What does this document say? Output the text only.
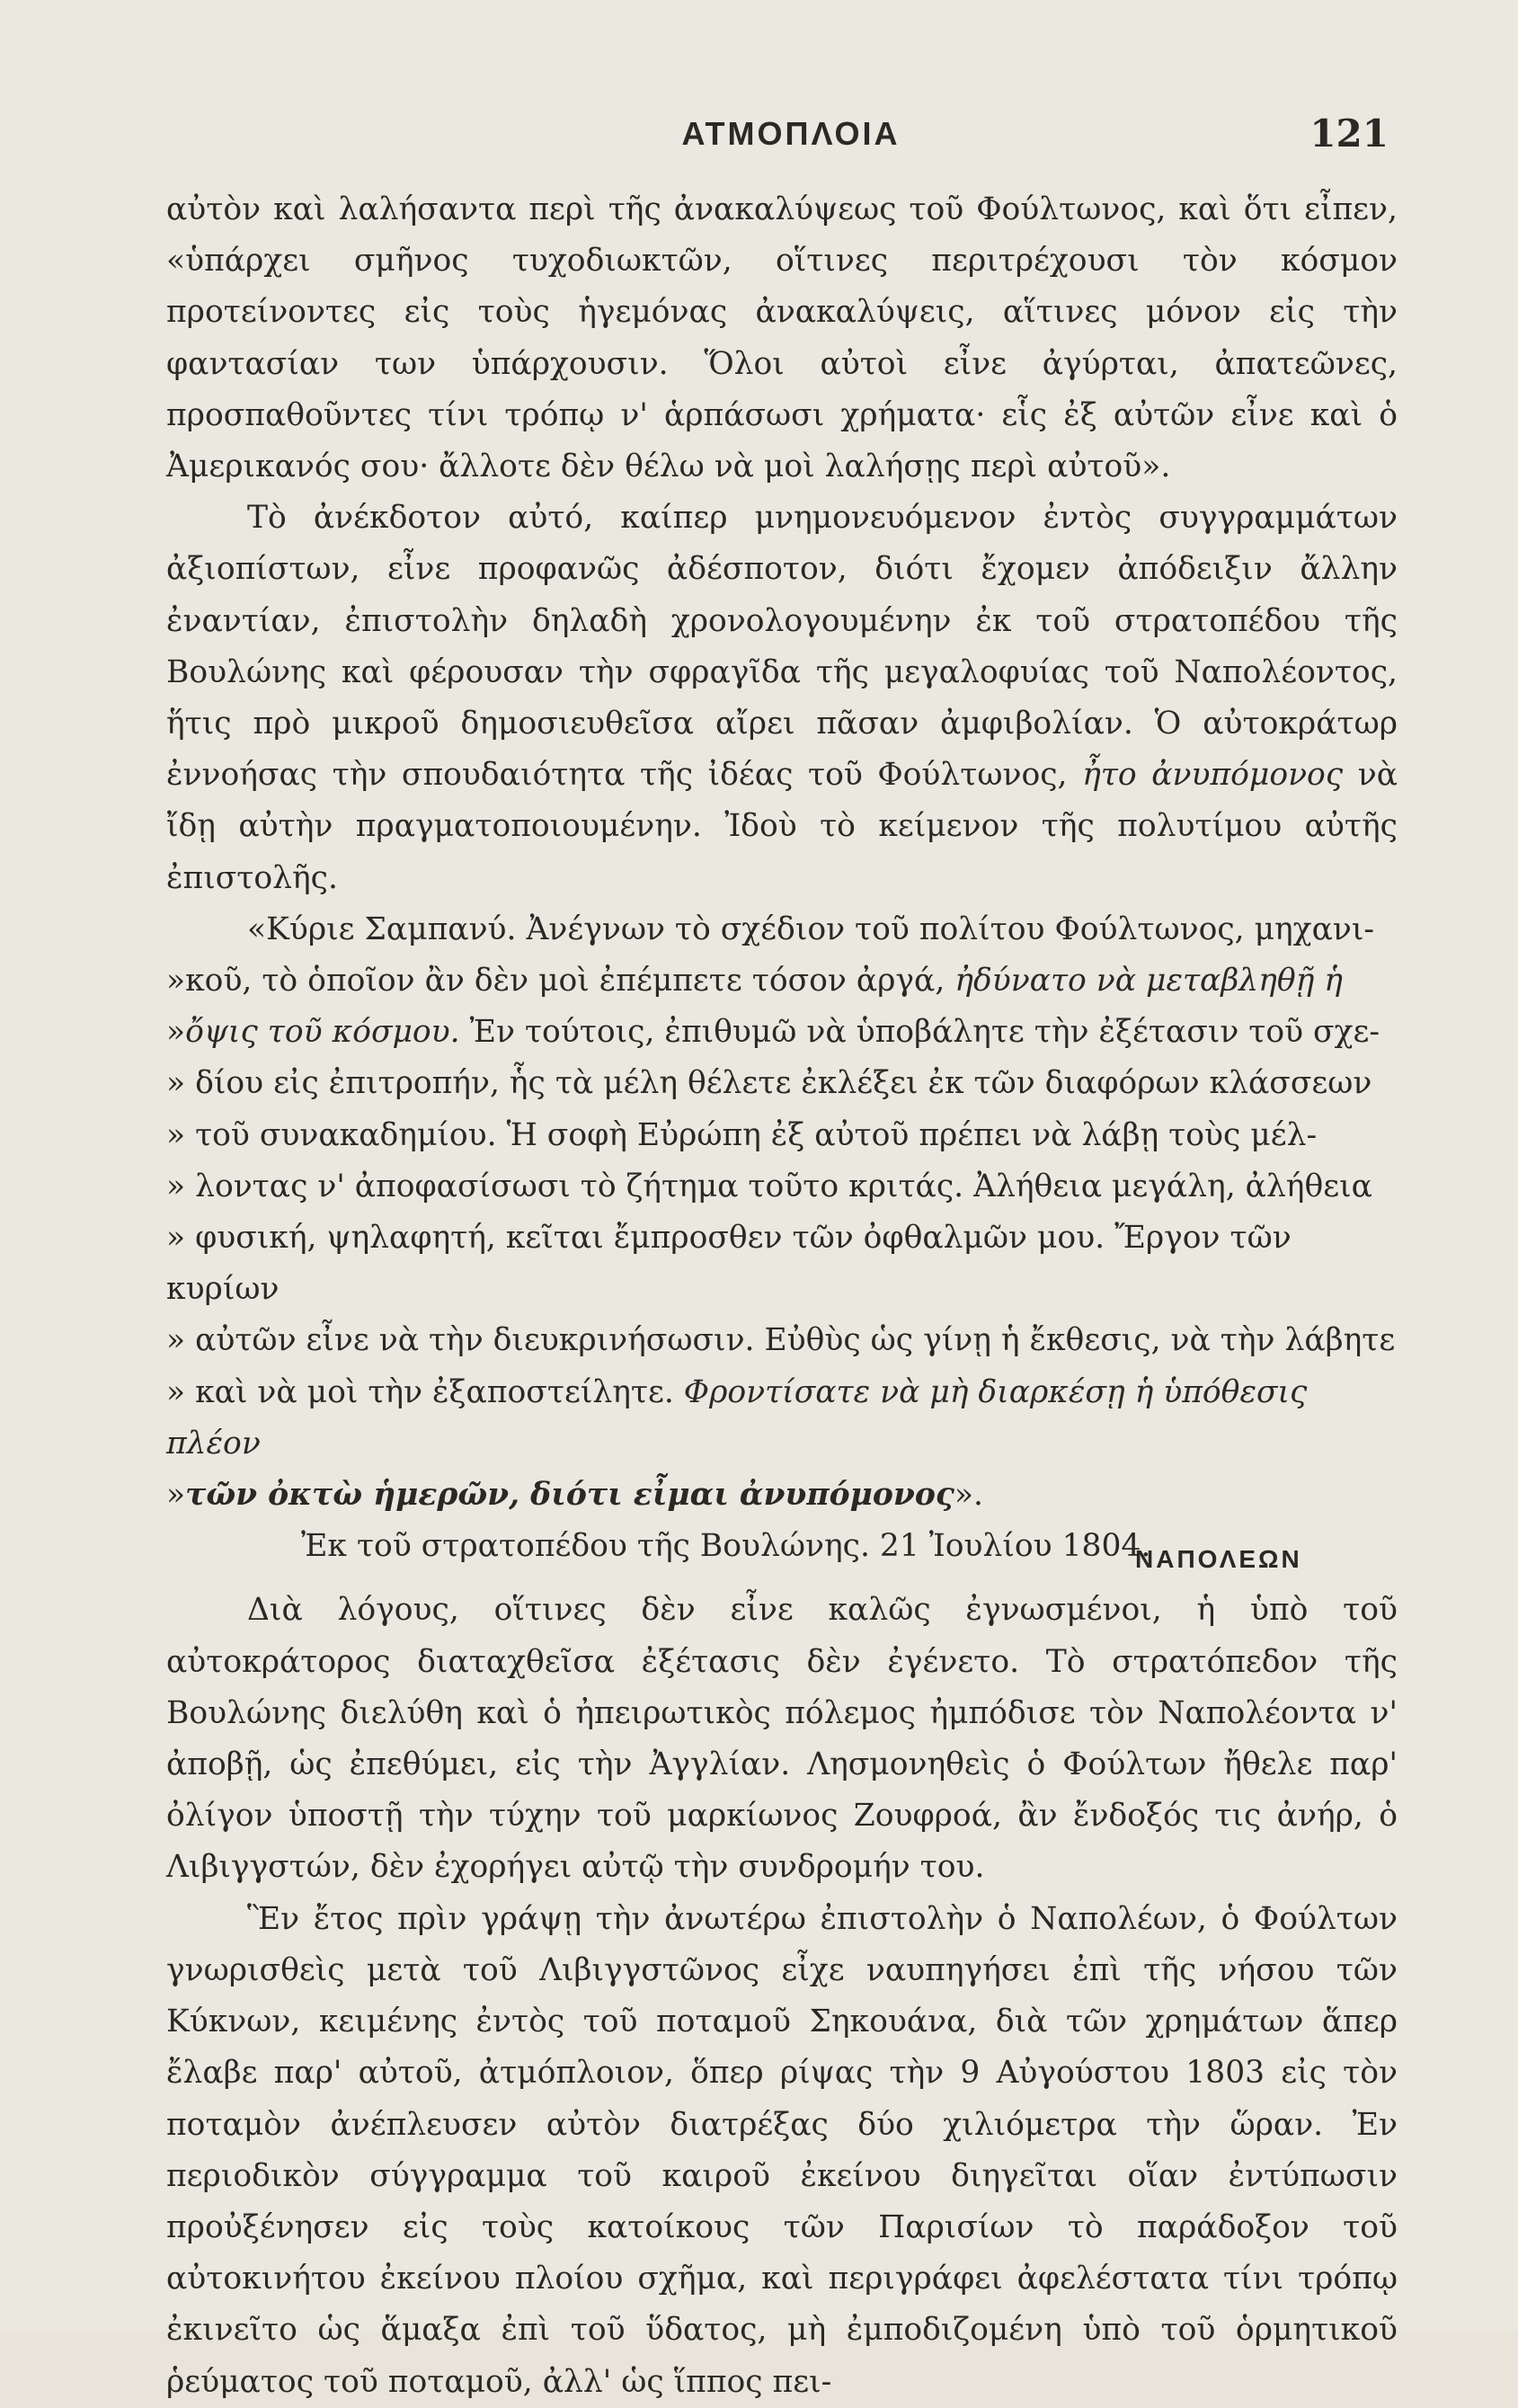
ΑΤΜΟΠΛΟΙΑ	121

αὐτὸν καὶ λαλήσαντα περὶ τῆς ἀνακαλύψεως τοῦ Φούλτωνος, καὶ ὅτι εἶπεν, «ὑπάρχει σμῆνος τυχοδιωκτῶν, οἵτινες περιτρέχουσι τὸν κόσμον προτείνοντες εἰς τοὺς ἡγεμόνας ἀνακαλύψεις, αἵτινες μόνον εἰς τὴν φαντασίαν των ὑπάρχουσιν. Ὅλοι αὐτοὶ εἶνε ἀγύρται, ἀπατεῶνες, προσπαθοῦντες τίνι τρόπῳ ν' ἁρπάσωσι χρήματα· εἷς ἐξ αὐτῶν εἶνε καὶ ὁ Ἀμερικανός σου· ἄλλοτε δὲν θέλω νὰ μοὶ λαλήσῃς περὶ αὐτοῦ».

Τὸ ἀνέκδοτον αὐτό, καίπερ μνημονευόμενον ἐντὸς συγγραμμάτων ἀξιοπίστων, εἶνε προφανῶς ἀδέσποτον, διότι ἔχομεν ἀπόδειξιν ἄλλην ἐναντίαν, ἐπιστολὴν δηλαδὴ χρονολογουμένην ἐκ τοῦ στρατοπέδου τῆς Βουλώνης καὶ φέρουσαν τὴν σφραγῖδα τῆς μεγαλοφυίας τοῦ Ναπολέοντος, ἥτις πρὸ μικροῦ δημοσιευθεῖσα αἴρει πᾶσαν ἀμφιβολίαν. Ὁ αὐτοκράτωρ ἐννοήσας τὴν σπουδαιότητα τῆς ἰδέας τοῦ Φούλτωνος, ἦτο ἀνυπόμονος νὰ ἴδῃ αὐτὴν πραγματοποιουμένην. Ἰδοὺ τὸ κείμενον τῆς πολυτίμου αὐτῆς ἐπιστολῆς.

«Κύριε Σαμπανύ. Ἀνέγνων τὸ σχέδιον τοῦ πολίτου Φούλτωνος, μηχανι-
»κοῦ, τὸ ὁποῖον ἂν δὲν μοὶ ἐπέμπετε τόσον ἀργά, ἠδύνατο νὰ μεταβληθῇ ἡ
»ὄψις τοῦ κόσμου. Ἐν τούτοις, ἐπιθυμῶ νὰ ὑποβάλητε τὴν ἐξέτασιν τοῦ σχε-
» δίου εἰς ἐπιτροπήν, ἧς τὰ μέλη θέλετε ἐκλέξει ἐκ τῶν διαφόρων κλάσσεων
» τοῦ συνακαδημίου. Ἡ σοφὴ Εὐρώπη ἐξ αὐτοῦ πρέπει νὰ λάβῃ τοὺς μέλ-
» λοντας ν' ἀποφασίσωσι τὸ ζήτημα τοῦτο κριτάς. Ἀλήθεια μεγάλη, ἀλήθεια
» φυσική, ψηλαφητή, κεῖται ἔμπροσθεν τῶν ὀφθαλμῶν μου. Ἔργον τῶν κυρίων
» αὐτῶν εἶνε νὰ τὴν διευκρινήσωσιν. Εὐθὺς ὡς γίνῃ ἡ ἔκθεσις, νὰ τὴν λάβητε
» καὶ νὰ μοὶ τὴν ἐξαποστείλητε. Φροντίσατε νὰ μὴ διαρκέσῃ ἡ ὑπόθεσις πλέον
»τῶν ὀκτὼ ἡμερῶν, διότι εἶμαι ἀνυπόμονος».
Ἐκ τοῦ στρατοπέδου τῆς Βουλώνης. 21 Ἰουλίου 1804.
ΝΑΠΟΛΕΩΝ

Διὰ λόγους, οἵτινες δὲν εἶνε καλῶς ἐγνωσμένοι, ἡ ὑπὸ τοῦ αὐτοκράτορος διαταχθεῖσα ἐξέτασις δὲν ἐγένετο. Τὸ στρατόπεδον τῆς Βουλώνης διελύθη καὶ ὁ ἠπειρωτικὸς πόλεμος ἠμπόδισε τὸν Ναπολέοντα ν' ἀποβῇ, ὡς ἐπεθύμει, εἰς τὴν Ἀγγλίαν. Λησμονηθεὶς ὁ Φούλτων ἤθελε παρ' ὀλίγον ὑποστῇ τὴν τύχην τοῦ μαρκίωνος Ζουφροά, ἂν ἔνδοξός τις ἀνήρ, ὁ Λιβιγγστών, δὲν ἐχορήγει αὐτῷ τὴν συνδρομήν του.

Ἓν ἔτος πρὶν γράψῃ τὴν ἀνωτέρω ἐπιστολὴν ὁ Ναπολέων, ὁ Φούλτων γνωρισθεὶς μετὰ τοῦ Λιβιγγστῶνος εἶχε ναυπηγήσει ἐπὶ τῆς νήσου τῶν Κύκνων, κειμένης ἐντὸς τοῦ ποταμοῦ Σηκουάνα, διὰ τῶν χρημάτων ἅπερ ἔλαβε παρ' αὐτοῦ, ἀτμόπλοιον, ὅπερ ρίψας τὴν 9 Αὐγούστου 1803 εἰς τὸν ποταμὸν ἀνέπλευσεν αὐτὸν διατρέξας δύο χιλιόμετρα τὴν ὥραν. Ἐν περιοδικὸν σύγγραμμα τοῦ καιροῦ ἐκείνου διηγεῖται οἵαν ἐντύπωσιν προὐξένησεν εἰς τοὺς κατοίκους τῶν Παρισίων τὸ παράδοξον τοῦ αὐτοκινήτου ἐκείνου πλοίου σχῆμα, καὶ περιγράφει ἀφελέστατα τίνι τρόπῳ ἐκινεῖτο ὡς ἅμαξα ἐπὶ τοῦ ὕδατος, μὴ ἐμποδιζομένη ὑπὸ τοῦ ὁρμητικοῦ ῥεύματος τοῦ ποταμοῦ, ἀλλ' ὡς ἵππος πει-
